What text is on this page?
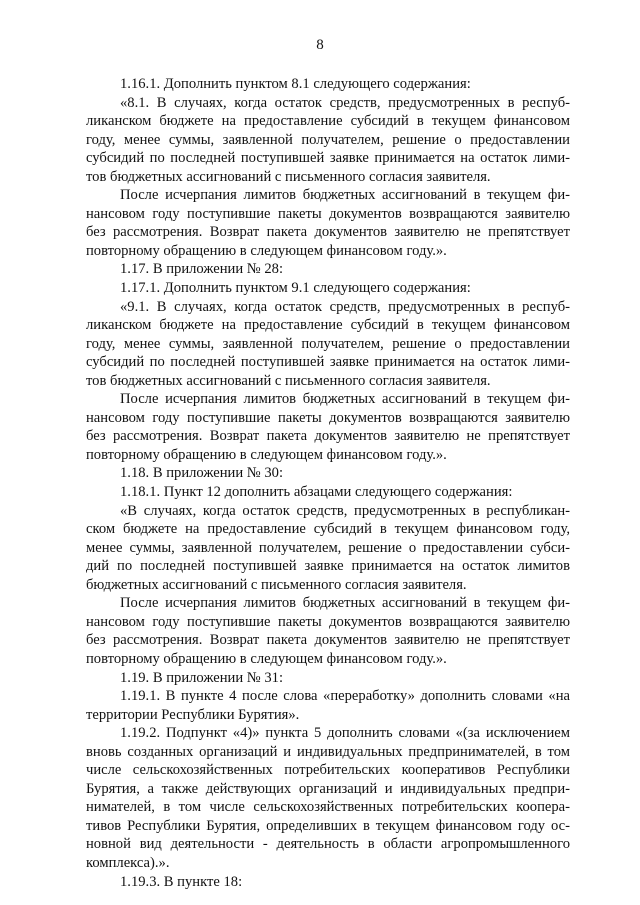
8
1.16.1. Дополнить пунктом 8.1 следующего содержания:
«8.1. В случаях, когда остаток средств, предусмотренных в респуб-
ликанском бюджете на предоставление субсидий в текущем финансовом
году, менее суммы, заявленной получателем, решение о предоставлении
субсидий по последней поступившей заявке принимается на остаток лими-
тов бюджетных ассигнований с письменного согласия заявителя.
После исчерпания лимитов бюджетных ассигнований в текущем фи-
нансовом году поступившие пакеты документов возвращаются заявителю
без рассмотрения. Возврат пакета документов заявителю не препятствует
повторному обращению в следующем финансовом году.».
1.17. В приложении № 28:
1.17.1. Дополнить пунктом 9.1 следующего содержания:
«9.1. В случаях, когда остаток средств, предусмотренных в респуб-
ликанском бюджете на предоставление субсидий в текущем финансовом
году, менее суммы, заявленной получателем, решение о предоставлении
субсидий по последней поступившей заявке принимается на остаток лими-
тов бюджетных ассигнований с письменного согласия заявителя.
После исчерпания лимитов бюджетных ассигнований в текущем фи-
нансовом году поступившие пакеты документов возвращаются заявителю
без рассмотрения. Возврат пакета документов заявителю не препятствует
повторному обращению в следующем финансовом году.».
1.18. В приложении № 30:
1.18.1. Пункт 12 дополнить абзацами следующего содержания:
«В случаях, когда остаток средств, предусмотренных в республикан-
ском бюджете на предоставление субсидий в текущем финансовом году,
менее суммы, заявленной получателем, решение о предоставлении субси-
дий по последней поступившей заявке принимается на остаток лимитов
бюджетных ассигнований с письменного согласия заявителя.
После исчерпания лимитов бюджетных ассигнований в текущем фи-
нансовом году поступившие пакеты документов возвращаются заявителю
без рассмотрения. Возврат пакета документов заявителю не препятствует
повторному обращению в следующем финансовом году.».
1.19. В приложении № 31:
1.19.1. В пункте 4 после слова «переработку» дополнить словами «на
территории Республики Бурятия».
1.19.2. Подпункт «4)» пункта 5 дополнить словами «(за исключением
вновь созданных организаций и индивидуальных предпринимателей, в том
числе сельскохозяйственных потребительских кооперативов Республики
Бурятия, а также действующих организаций и индивидуальных предпри-
нимателей, в том числе сельскохозяйственных потребительских коопера-
тивов Республики Бурятия, определивших в текущем финансовом году ос-
новной вид деятельности - деятельность в области агропромышленного
комплекса).».
1.19.3. В пункте 18:
